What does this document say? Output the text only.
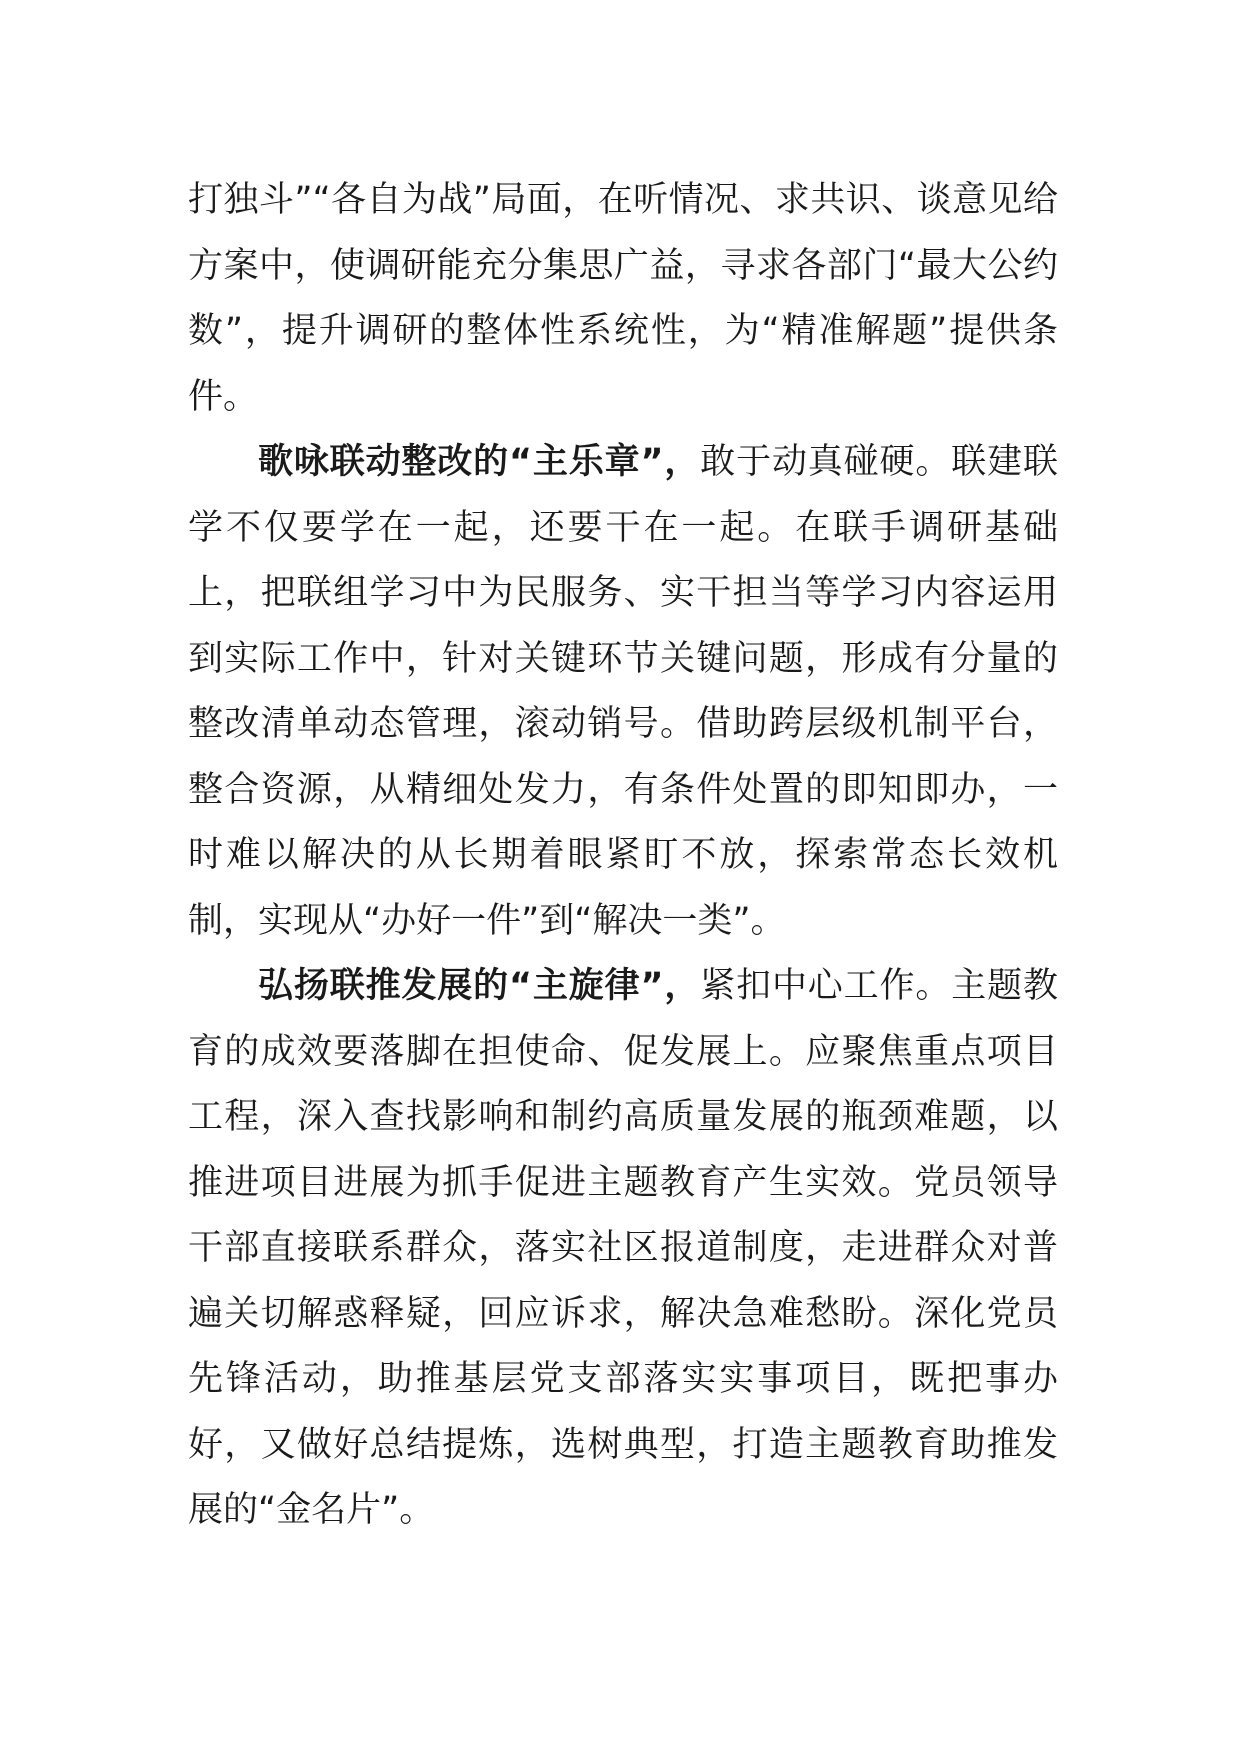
打独斗”“各自为战”局面，在听情况、求共识、谈意见给方案中，使调研能充分集思广益，寻求各部门“最大公约数”，提升调研的整体性系统性，为“精准解题”提供条件。

歌咏联动整改的“主乐章”，敢于动真碰硬。联建联学不仅要学在一起，还要干在一起。在联手调研基础上，把联组学习中为民服务、实干担当等学习内容运用到实际工作中，针对关键环节关键问题，形成有分量的整改清单动态管理，滚动销号。借助跨层级机制平台，整合资源，从精细处发力，有条件处置的即知即办，一时难以解决的从长期着眼紧盯不放，探索常态长效机制，实现从“办好一件”到“解决一类”。

弘扬联推发展的“主旋律”，紧扣中心工作。主题教育的成效要落脚在担使命、促发展上。应聚焦重点项目工程，深入查找影响和制约高质量发展的瓶颈难题，以推进项目进展为抓手促进主题教育产生实效。党员领导干部直接联系群众，落实社区报道制度，走进群众对普遍关切解惑释疑，回应诉求，解决急难愁盼。深化党员先锋活动，助推基层党支部落实实事项目，既把事办好，又做好总结提炼，选树典型，打造主题教育助推发展的“金名片”。
